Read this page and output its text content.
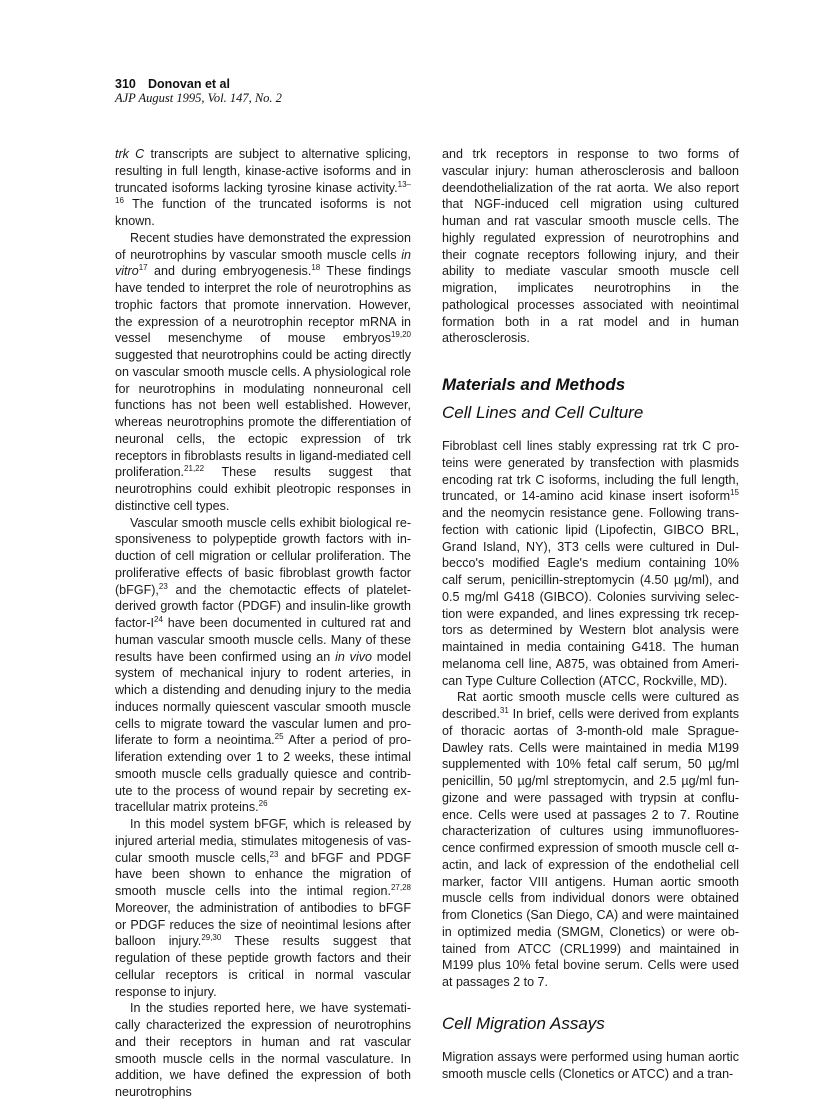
310 Donovan et al
AJP August 1995, Vol. 147, No. 2

trk C transcripts are subject to alternative splicing, resulting in full length, kinase-active isoforms and in truncated isoforms lacking tyrosine kinase activity.$^{13-16}$ The function of the truncated isoforms is not known.

Recent studies have demonstrated the expression of neurotrophins by vascular smooth muscle cells in vitro$^{17}$ and during embryogenesis.$^{18}$ These findings have tended to interpret the role of neurotrophins as trophic factors that promote innervation. However, the expression of a neurotrophin receptor mRNA in vessel mesenchyme of mouse embryos$^{19,20}$ suggested that neurotrophins could be acting directly on vascular smooth muscle cells. A physiological role for neurotrophins in modulating nonneuronal cell functions has not been well established. However, whereas neurotrophins promote the differentiation of neuronal cells, the ectopic expression of trk receptors in fibroblasts results in ligand-mediated cell proliferation.$^{21,22}$ These results suggest that neurotrophins could exhibit pleotropic responses in distinctive cell types.

Vascular smooth muscle cells exhibit biological responsiveness to polypeptide growth factors with induction of cell migration or cellular proliferation. The proliferative effects of basic fibroblast growth factor (bFGF),$^{23}$ and the chemotactic effects of platelet-derived growth factor (PDGF) and insulin-like growth factor-$I^{24}$ have been documented in cultured rat and human vascular smooth muscle cells. Many of these results have been confirmed using an in vivo model system of mechanical injury to rodent arteries, in which a distending and denuding injury to the media induces normally quiescent vascular smooth muscle cells to migrate toward the vascular lumen and proliferate to form a neointima.$^{25}$ After a period of proliferation extending over 1 to 2 weeks, these intimal smooth muscle cells gradually quiesce and contribute to the process of wound repair by secreting extracellular matrix proteins.$^{26}$

In this model system bFGF, which is released by injured arterial media, stimulates mitogenesis of vascular smooth muscle cells,$^{23}$ and bFGF and PDGF have been shown to enhance the migration of smooth muscle cells into the intimal region.$^{27,28}$ Moreover, the administration of antibodies to bFGF or PDGF reduces the size of neointimal lesions after balloon injury.$^{29,30}$ These results suggest that regulation of these peptide growth factors and their cellular receptors is critical in normal vascular response to injury.

In the studies reported here, we have systematically characterized the expression of neurotrophins and their receptors in human and rat vascular smooth muscle cells in the normal vasculature. In addition, we have defined the expression of both neurotrophins

and trk receptors in response to two forms of vascular injury: human atherosclerosis and balloon deendothelialization of the rat aorta. We also report that NGF-induced cell migration using cultured human and rat vascular smooth muscle cells. The highly regulated expression of neurotrophins and their cognate receptors following injury, and their ability to mediate vascular smooth muscle cell migration, implicates neurotrophins in the pathological processes associated with neointimal formation both in a rat model and in human atherosclerosis.

Materials and Methods
Cell Lines and Cell Culture

Fibroblast cell lines stably expressing rat trk C proteins were generated by transfection with plasmids encoding rat trk C isoforms, including the full length, truncated, or 14-amino acid kinase insert isoform$^{15}$ and the neomycin resistance gene. Following transfection with cationic lipid (Lipofectin, GIBCO BRL, Grand Island, NY), 3T3 cells were cultured in Dulbecco's modified Eagle's medium containing 10% calf serum, penicillin-streptomycin (4.50 µg/ml), and 0.5 mg/ml G418 (GIBCO). Colonies surviving selection were expanded, and lines expressing trk receptors as determined by Western blot analysis were maintained in media containing G418. The human melanoma cell line, A875, was obtained from American Type Culture Collection (ATCC, Rockville, MD).

Rat aortic smooth muscle cells were cultured as described.$^{31}$ In brief, cells were derived from explants of thoracic aortas of 3-month-old male Sprague-Dawley rats. Cells were maintained in media M199 supplemented with 10% fetal calf serum, 50 µg/ml penicillin, 50 µg/ml streptomycin, and 2.5 µg/ml fungizone and were passaged with trypsin at confluence. Cells were used at passages 2 to 7. Routine characterization of cultures using immunofluorescence confirmed expression of smooth muscle cell α-actin, and lack of expression of the endothelial cell marker, factor VIII antigens. Human aortic smooth muscle cells from individual donors were obtained from Clonetics (San Diego, CA) and were maintained in optimized media (SMGM, Clonetics) or were obtained from ATCC (CRL1999) and maintained in M199 plus 10% fetal bovine serum. Cells were used at passages 2 to 7.

Cell Migration Assays

Migration assays were performed using human aortic smooth muscle cells (Clonetics or ATCC) and a tran-
